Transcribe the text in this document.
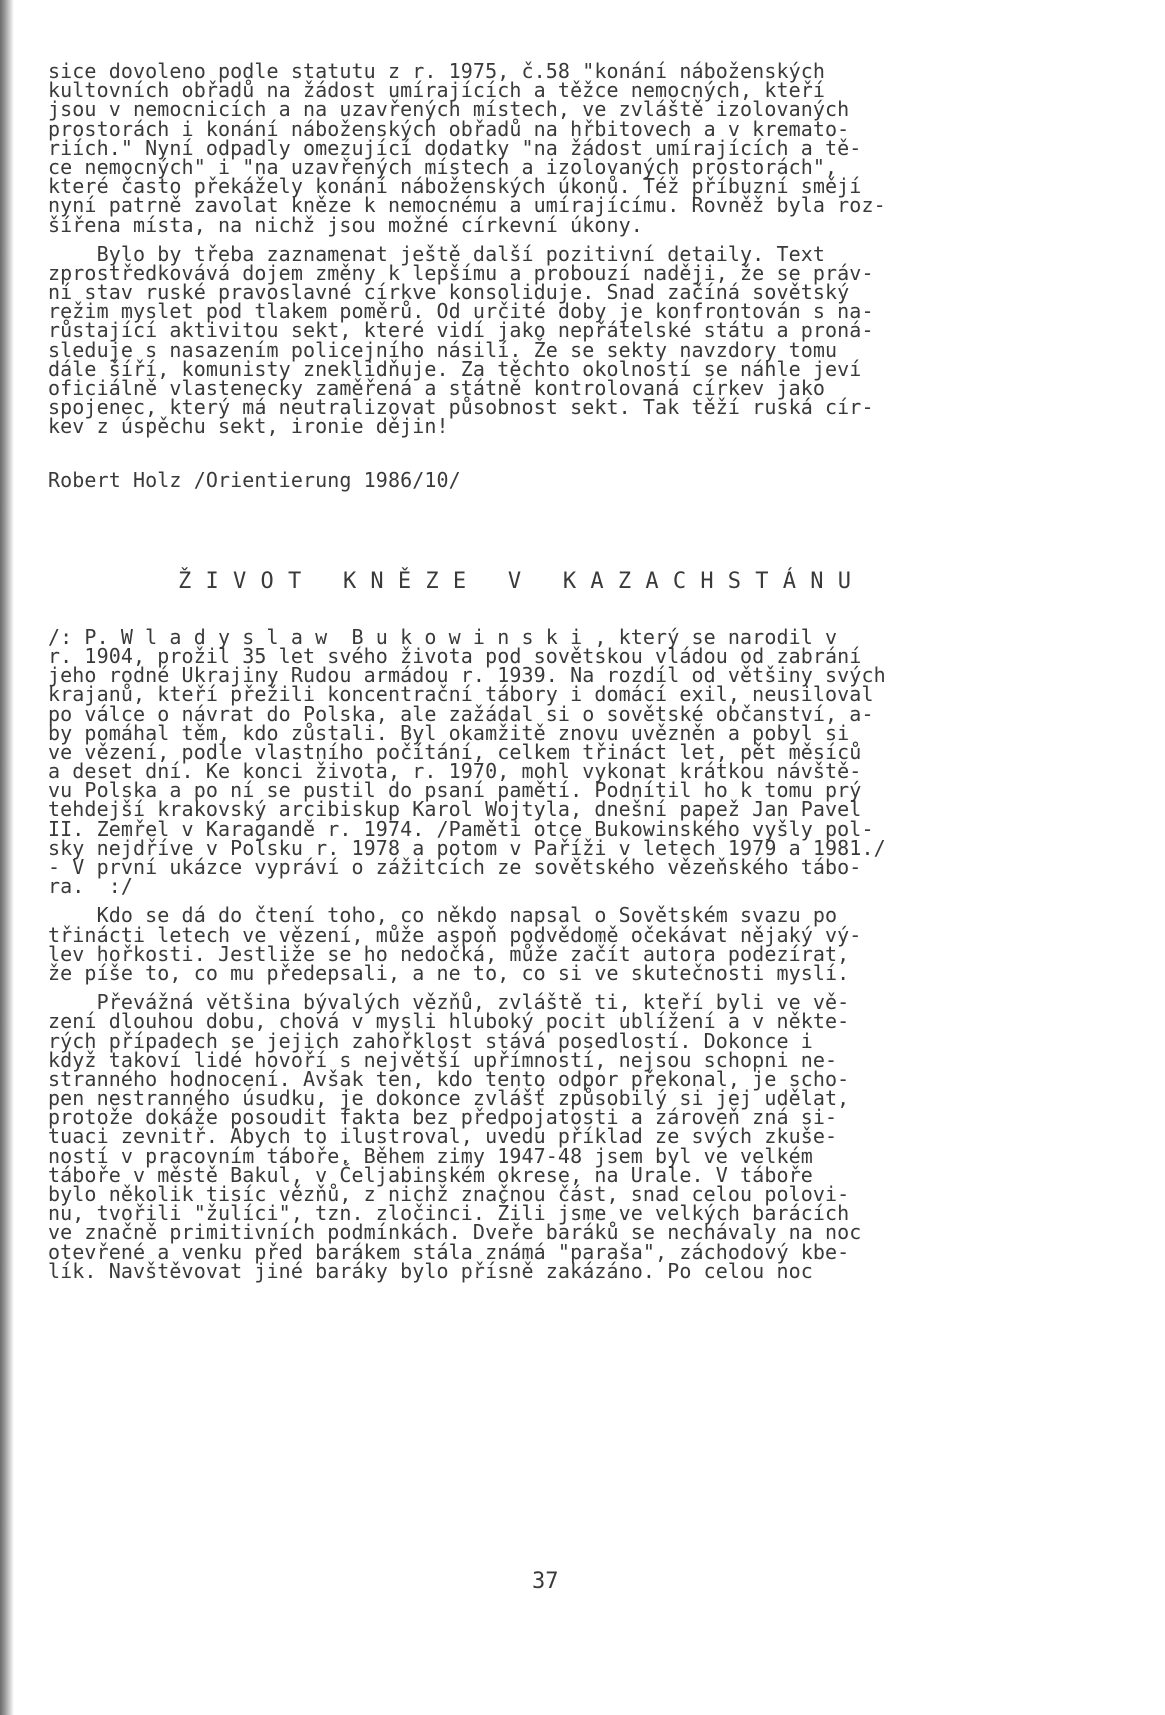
sice dovoleno podle statutu z r. 1975, č.58 "konání náboženských
kultovních obřadů na žádost umírajících a těžce nemocných, kteří
jsou v nemocnicích a na uzavřených místech, ve zvláště izolovaných
prostorách i konání náboženských obřadů na hřbitovech a v kremato-
riích." Nyní odpadly omezující dodatky "na žádost umírajících a tě-
ce nemocných" i "na uzavřených místech a izolovaných prostorách",
které často překážely konání náboženských úkonů. Též příbuzní smějí
nyní patrně zavolat kněze k nemocnému a umírajícímu. Rovněž byla roz-
šířena místa, na nichž jsou možné církevní úkony.
Bylo by třeba zaznamenat ještě další pozitivní detaily. Text
zprostředkovává dojem změny k lepšímu a probouzí naději, že se práv-
ní stav ruské pravoslavné církve konsoliduje. Snad začíná sovětský
režim myslet pod tlakem poměrů. Od určité doby je konfrontován s na-
růstající aktivitou sekt, které vidí jako nepřátelské státu a proná-
sleduje s nasazením policejního násilí. Že se sekty navzdory tomu
dále šíří, komunisty zneklidňuje. Za těchto okolností se náhle jeví
oficiálně vlastenecky zaměřená a státně kontrolovaná církev jako
spojenec, který má neutralizovat působnost sekt. Tak těží ruská cír-
kev z úspěchu sekt, ironie dějin!
Robert Holz /Orientierung 1986/10/
Ž I V O T   K N Ě Z E   V   K A Z A C H S T Á N U
/: P. W l a d y s l a w  B u k o w i n s k i , který se narodil v
r. 1904, prožil 35 let svého života pod sovětskou vládou od zabrání
jeho rodné Ukrajiny Rudou armádou r. 1939. Na rozdíl od většiny svých
krajanů, kteří přežili koncentrační tábory i domácí exil, neusiloval
po válce o návrat do Polska, ale zažádal si o sovětské občanství, a-
by pomáhal těm, kdo zůstali. Byl okamžitě znovu uvězněn a pobyl si
ve vězení, podle vlastního počítání, celkem třináct let, pět měsíců
a deset dní. Ke konci života, r. 1970, mohl vykonat krátkou návště-
vu Polska a po ní se pustil do psaní pamětí. Podnítil ho k tomu prý
tehdejší krakovský arcibiskup Karol Wojtyla, dnešní papež Jan Pavel
II. Zemřel v Karagandě r. 1974. /Paměti otce Bukowinského vyšly pol-
sky nejdříve v Polsku r. 1978 a potom v Paříži v letech 1979 a 1981./
- V první ukázce vypráví o zážitcích ze sovětského vězeňského tábo-
ra.  :/
Kdo se dá do čtení toho, co někdo napsal o Sovětském svazu po
třinácti letech ve vězení, může aspoň podvědomě očekávat nějaký vý-
lev hořkosti. Jestliže se ho nedočká, může začít autora podezírat,
že píše to, co mu předepsali, a ne to, co si ve skutečnosti myslí.
Převážná většina bývalých vězňů, zvláště ti, kteří byli ve vě-
zení dlouhou dobu, chová v mysli hluboký pocit ublížení a v někte-
rých případech se jejich zahořklost stává posedlostí. Dokonce i
když takoví lidé hovoří s největší upřímností, nejsou schopni ne-
stranného hodnocení. Avšak ten, kdo tento odpor překonal, je scho-
pen nestranného úsudku, je dokonce zvlášť způsobilý si jej udělat,
protože dokáže posoudit fakta bez předpojatosti a zároveň zná si-
tuaci zevnitř. Abych to ilustroval, uvedu příklad ze svých zkuše-
ností v pracovním táboře. Během zimy 1947-48 jsem byl ve velkém
táboře v městě Bakul, v Čeljabinském okrese, na Urale. V táboře
bylo několik tisíc vězňů, z nichž značnou část, snad celou polovi-
nu, tvořili "žulíci", tzn. zločinci. Žili jsme ve velkých barácích
ve značně primitivních podmínkách. Dveře baráků se nechávaly na noc
otevřené a venku před barákem stála známá "paraša", záchodový kbe-
lík. Navštěvovat jiné baráky bylo přísně zakázáno. Po celou noc
37
